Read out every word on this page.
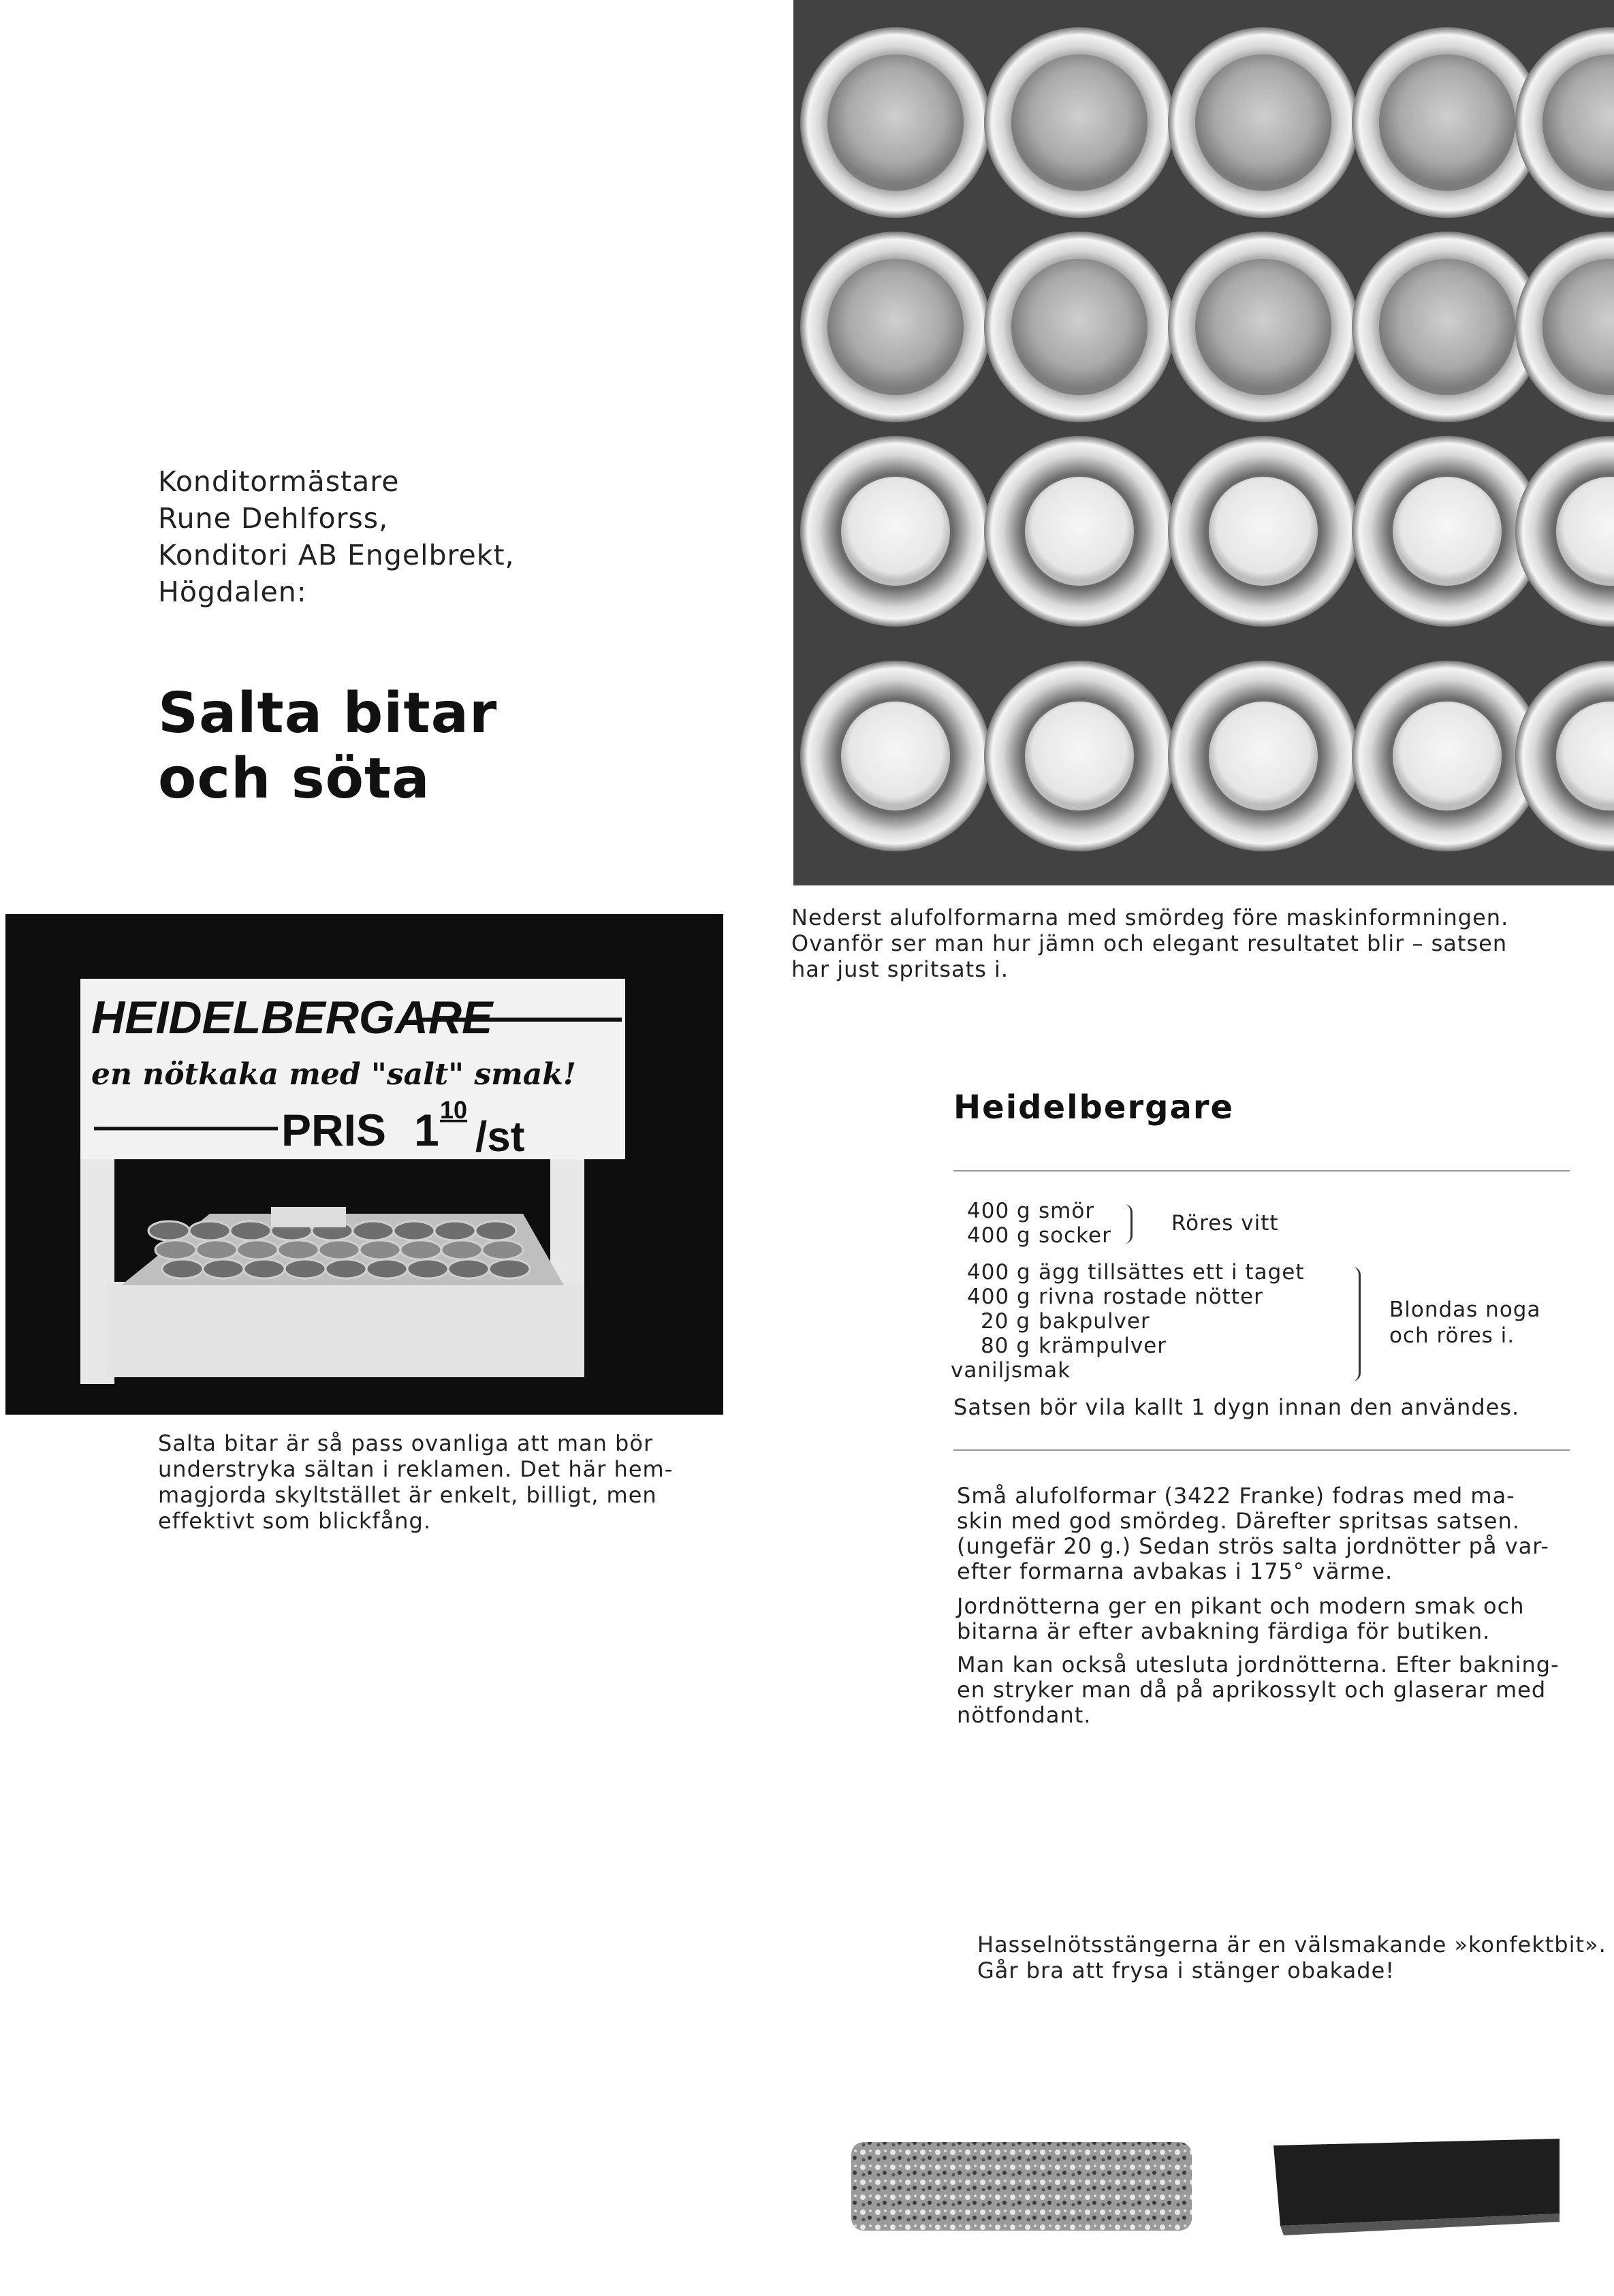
Konditormästare
Rune Dehlforss,
Konditori AB Engelbrekt,
Högdalen:
Salta bitar
och söta
Nederst alufolformarna med smördeg före maskinformningen.
Ovanför ser man hur jämn och elegant resultatet blir – satsen
har just spritsats i.
HEIDELBERGARE
en nötkaka med "salt" smak!
PRIS 1 10
/st
Salta bitar är så pass ovanliga att man bör
understryka sältan i reklamen. Det här hem-
magjorda skyltstället är enkelt, billigt, men
effektivt som blickfång.
Heidelbergare
400 g smör
400 g socker	Röres vitt
400 g ägg tillsättes ett i taget
400 g rivna rostade nötter
20 g bakpulver
80 g krämpulver
vaniljsmak
Blondas noga
och röres i.
Satsen bör vila kallt 1 dygn innan den användes.
Små alufolformar (3422 Franke) fodras med ma-
skin med god smördeg. Därefter spritsas satsen.
(ungefär 20 g.) Sedan strös salta jordnötter på var-
efter formarna avbakas i 175° värme.
Jordnötterna ger en pikant och modern smak och
bitarna är efter avbakning färdiga för butiken.
Man kan också utesluta jordnötterna. Efter bakning-
en stryker man då på aprikossylt och glaserar med
nötfondant.
Hasselnötsstängerna är en välsmakande »konfektbit».
Går bra att frysa i stänger obakade!
